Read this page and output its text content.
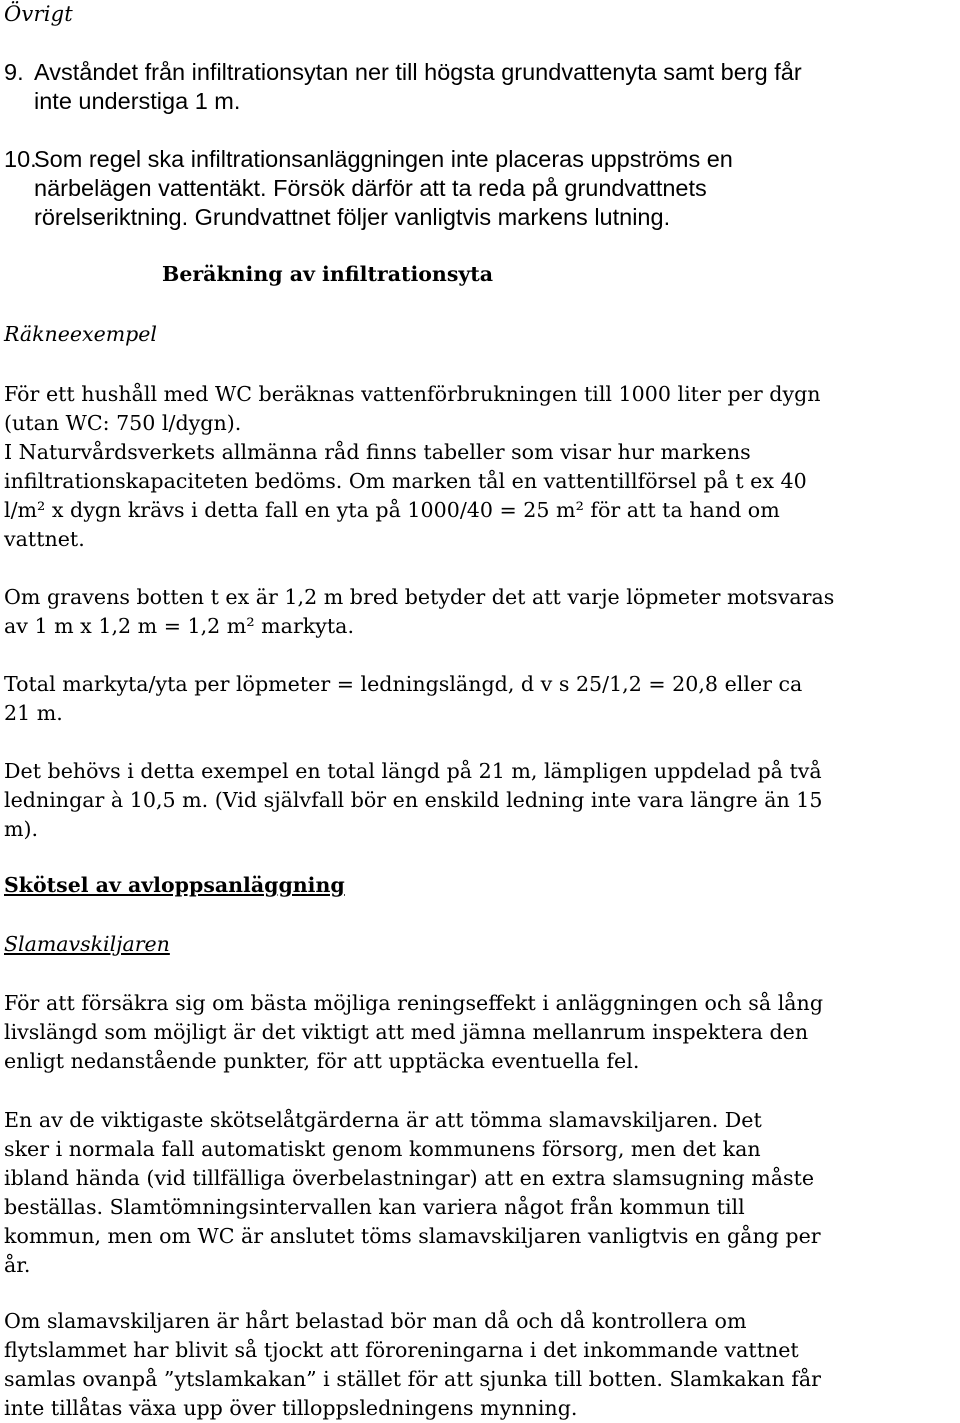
Övrigt
9. Avståndet från infiltrationsytan ner till högsta grundvattenyta samt berg får
inte understiga 1 m.
10.Som regel ska infiltrationsanläggningen inte placeras uppströms en
närbelägen vattentäkt. Försök därför att ta reda på grundvattnets
rörelseriktning. Grundvattnet följer vanligtvis markens lutning.
Beräkning av infiltrationsyta
Räkneexempel
För ett hushåll med WC beräknas vattenförbrukningen till 1000 liter per dygn
(utan WC: 750 l/dygn).
I Naturvårdsverkets allmänna råd finns tabeller som visar hur markens
infiltrationskapaciteten bedöms. Om marken tål en vattentillförsel på t ex 40
l/m² x dygn krävs i detta fall en yta på 1000/40 = 25 m² för att ta hand om
vattnet.
Om gravens botten t ex är 1,2 m bred betyder det att varje löpmeter motsvaras
av 1 m x 1,2 m = 1,2 m² markyta.
Total markyta/yta per löpmeter = ledningslängd, d v s 25/1,2 = 20,8 eller ca
21 m.
Det behövs i detta exempel en total längd på 21 m, lämpligen uppdelad på två
ledningar à 10,5 m. (Vid självfall bör en enskild ledning inte vara längre än 15
m).
Skötsel av avloppsanläggning
Slamavskiljaren
För att försäkra sig om bästa möjliga reningseffekt i anläggningen och så lång
livslängd som möjligt är det viktigt att med jämna mellanrum inspektera den
enligt nedanstående punkter, för att upptäcka eventuella fel.
En av de viktigaste skötselåtgärderna är att tömma slamavskiljaren. Det
sker i normala fall automatiskt genom kommunens försorg, men det kan
ibland hända (vid tillfälliga överbelastningar) att en extra slamsugning måste
beställas. Slamtömningsintervallen kan variera något från kommun till
kommun, men om WC är anslutet töms slamavskiljaren vanligtvis en gång per
år.
Om slamavskiljaren är hårt belastad bör man då och då kontrollera om
flytslammet har blivit så tjockt att föroreningarna i det inkommande vattnet
samlas ovanpå ”ytslamkakan” i stället för att sjunka till botten. Slamkakan får
inte tillåtas växa upp över tilloppsledningens mynning.
